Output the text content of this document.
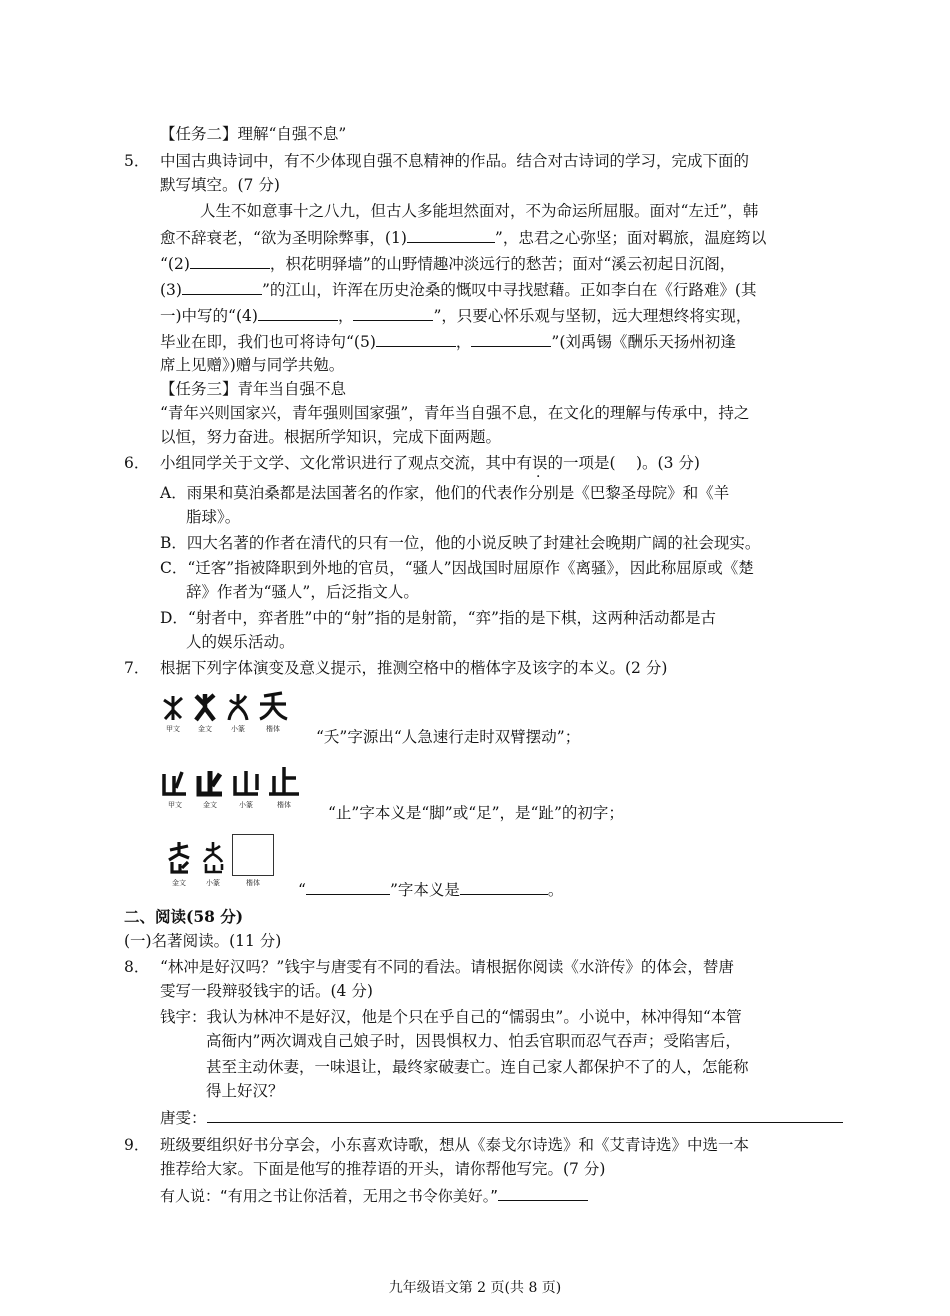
【任务二】理解“自强不息”
5． 中国古典诗词中，有不少体现自强不息精神的作品。结合对古诗词的学习，完成下面的
默写填空。(7 分)
人生不如意事十之八九，但古人多能坦然面对，不为命运所屈服。面对“左迁”，韩
愈不辞衰老，“欲为圣明除弊事，(1)	”，忠君之心弥坚；面对羁旅，温庭筠以
“(2)	，枳花明驿墙”的山野情趣冲淡远行的愁苦；面对“溪云初起日沉阁，
(3)	”的江山，许浑在历史沧桑的慨叹中寻找慰藉。正如李白在《行路难》(其
一)中写的“(4)	，	”，只要心怀乐观与坚韧，远大理想终将实现，
毕业在即，我们也可将诗句“(5)	，	”(刘禹锡《酬乐天扬州初逢
席上见赠》)赠与同学共勉。
【任务三】青年当自强不息
“青年兴则国家兴，青年强则国家强”，青年当自强不息，在文化的理解与传承中，持之
以恒，努力奋进。根据所学知识，完成下面两题。
6． 小组同学关于文学、文化常识进行了观点交流，其中有误的一项是(　 )。(3 分)
A．雨果和莫泊桑都是法国著名的作家，他们的代表作分别是《巴黎圣母院》和《羊
脂球》。
B．四大名著的作者在清代的只有一位，他的小说反映了封建社会晚期广阔的社会现实。
C．“迁客”指被降职到外地的官员，“骚人”因战国时屈原作《离骚》，因此称屈原或《楚
辞》作者为“骚人”，后泛指文人。
D．“射者中，弈者胜”中的“射”指的是射箭，“弈”指的是下棋，这两种活动都是古
人的娱乐活动。
7． 根据下列字体演变及意义提示，推测空格中的楷体字及该字的本义。(2 分)
甲文	金文	小篆	楷体 “夭”字源出“人急速行走时双臂摆动”；
甲文	金文	小篆	楷体 “止”字本义是“脚”或“足”，是“趾”的初字；
金文	小篆	楷体 “	”字本义是	。
二、阅读(58 分)
(一)名著阅读。(11 分)
8． “林冲是好汉吗？”钱宇与唐雯有不同的看法。请根据你阅读《水浒传》的体会，替唐
雯写一段辩驳钱宇的话。(4 分)
钱宇：我认为林冲不是好汉，他是个只在乎自己的“懦弱虫”。小说中，林冲得知“本管
高衙内”两次调戏自己娘子时，因畏惧权力、怕丢官职而忍气吞声；受陷害后，
甚至主动休妻，一味退让，最终家破妻亡。连自己家人都保护不了的人，怎能称
得上好汉？
唐雯：
9． 班级要组织好书分享会，小东喜欢诗歌，想从《泰戈尔诗选》和《艾青诗选》中选一本
推荐给大家。下面是他写的推荐语的开头，请你帮他写完。(7 分)
有人说：“有用之书让你活着，无用之书令你美好。”
九年级语文第 2 页(共 8 页)
